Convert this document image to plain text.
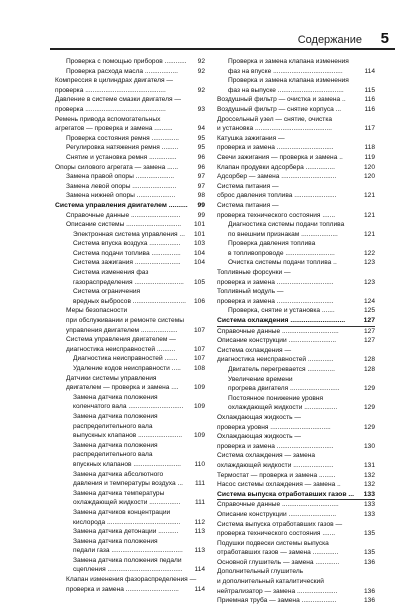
Содержание 5
Проверка с помощью приборов ............ 92
Проверка расхода масла ..................	92
Компрессия в цилиндрах двигателя —
проверка ............................................	92
Давление в системе смазки двигателя —
проверка ............................................	93
Ремень привода вспомогательных
агрегатов — проверка и замена ..........	94
Проверка состояния ремня ...............	95
Регулировка натяжения ремня .........	95
Снятие и установка ремня ...............	96
Опоры силового агрегата — замена ......	96
Замена правой опоры .....................	97
Замена левой опоры ........................	97
Замена нижней опоры .....................	98
Система управления двигателем .......... 99
Справочные данные ...........................	99
Описание системы .............................. 101
Электронная система управления ... 101
Система впуска воздуха ................. 103
Система подачи топлива ................ 104
Система зажигания ......................... 104
Система изменения фаз
газораспределения ........................... 105
Система ограничения
вредных выбросов ............................. 106
Меры безопасности
при обслуживании и ремонте системы
управления двигателем .................... 107
Система управления двигателем —
диагностика неисправностей ..........	107
Диагностика неисправностей .......	107
Удаление кодов неисправности ..... 108
Датчики системы управления
двигателем — проверка и замена .... 109
Замена датчика положения
коленчатого вала .............................. 109
Замена датчика положения
распределительного вала
выпускных клапанов ........................ 109
Замена датчика положения
распределительного вала
впускных клапанов .......................... 110
Замена датчика абсолютного
давления и температуры воздуха ... 111
Замена датчика температуры
охлаждающей жидкости ................. 111
Замена датчиков концентрации
кислорода ........................................ 112
Замена датчика детонации ........... 113
Замена датчика положения
педали газа ....................................... 113
Замена датчика положения педали
сцепления ......................................... 114
Клапан изменения фазораспределения —
проверка и замена ............................. 114
Проверка и замена клапана изменения
фаз на впуске ......................................	114
Проверка и замена клапана изменения
фаз на выпуске ....................................	115
Воздушный фильтр — очистка и замена ..	116
Воздушный фильтр — снятие корпуса ...	116
Дроссельный узел — снятие, очистка
и установка ..........................................	117
Катушка зажигания —
проверка и замена ...............................	118
Свечи зажигания — проверка и замена ..	119
Клапан продувки адсорбера ................	120
Адсорбер — замена ..............................	120
Система питания —
сброс давления топлива .......................	121
Система питания —
проверка технического состояния .......	121
Диагностика системы подачи топлива
по внешним признакам ....................	121
Проверка давления топлива
в топливопроводе ...........................	122
Очистка системы подачи топлива ..	123
Топливные форсунки —
проверка и замена ...............................	123
Топливный модуль —
проверка и замена ...............................	124
Проверка, снятие и установка .......	125
Система охлаждения .............................	127
Справочные данные ...............................	127
Описание конструкции ..........................	127
Система охлаждения —
диагностика неисправностей ..............	128
Двигатель перегревается ...............	128
Увеличение времени
прогрева двигателя ...........................	129
Постоянное понижение уровня
охлаждающей жидкости ..................	129
Охлаждающая жидкость —
проверка уровня .................................	129
Охлаждающая жидкость —
проверка и замена ...............................	130
Система охлаждения — замена
охлаждающей жидкости ......................	131
Термостат — проверка и замена .........	132
Насос системы охлаждения — замена ..	132
Система выпуска отработавших газов ... 133
Справочные данные ...............................	133
Описание конструкции ..........................	133
Система выпуска отработавших газов —
проверка технического состояния .......	135
Подушки подвески системы выпуска
отработавших газов — замена ..............	135
Основной глушитель — замена .............	136
Дополнительный глушитель
и дополнительный каталитический
нейтрализатор — замена ......................	136
Приемная труба — замена ...................	136
